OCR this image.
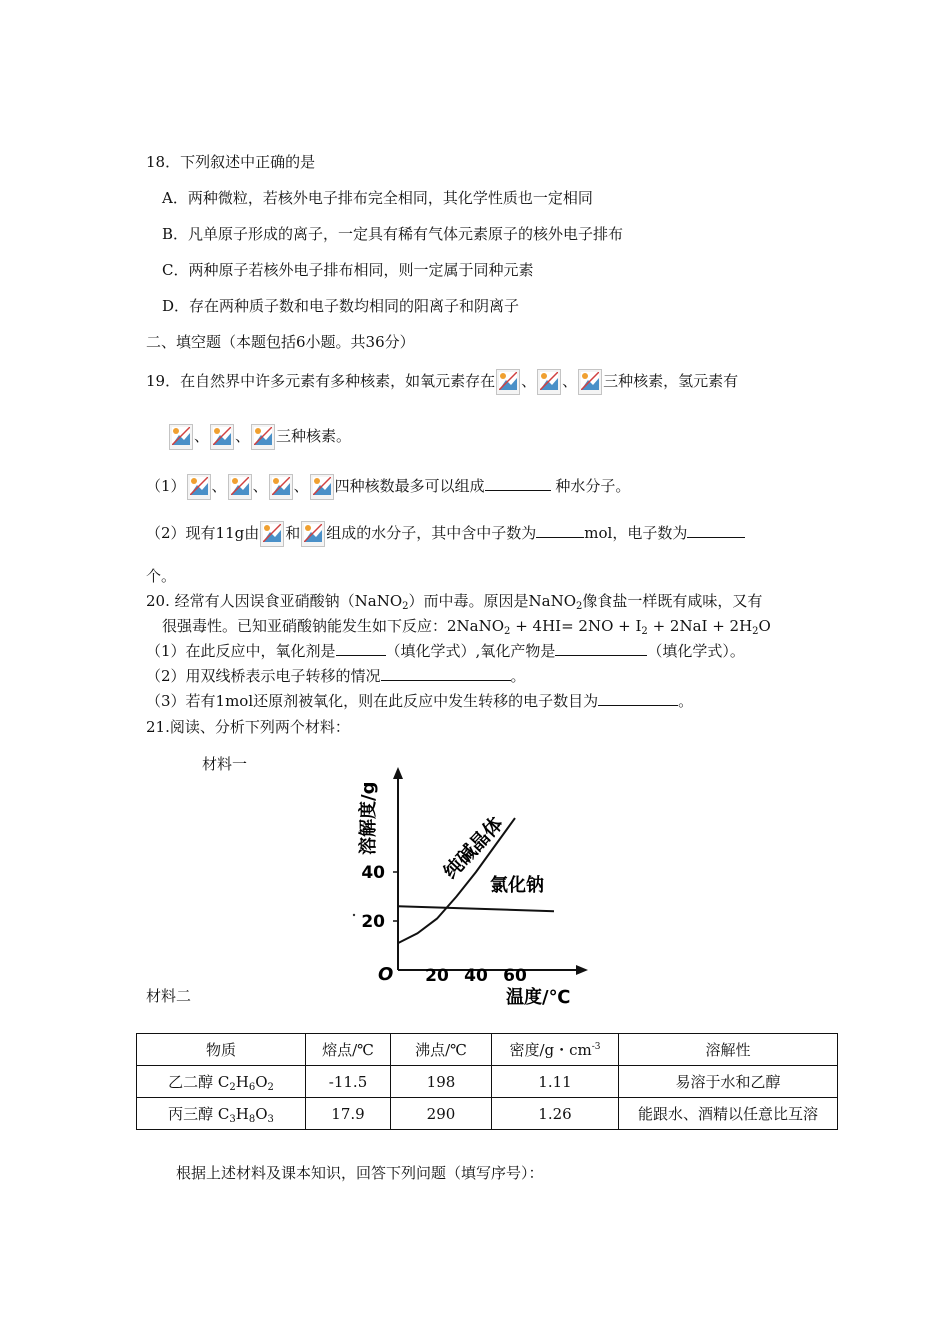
18．下列叙述中正确的是
A．两种微粒，若核外电子排布完全相同，其化学性质也一定相同
B．凡单原子形成的离子，一定具有稀有气体元素原子的核外电子排布
C．两种原子若核外电子排布相同，则一定属于同种元素
D．存在两种质子数和电子数均相同的阳离子和阴离子
二、填空题（本题包括6小题。共36分）
19．在自然界中许多元素有多种核素，如氧元素存在 、 、 三种核素，氢元素有
、 、 三种核素。
（1） 、 、 、 四种核数最多可以组成	种水分子。
（2）现有11g由 和 组成的水分子，其中含中子数为	mol，电子数为
个。
20. 经常有人因误食亚硝酸钠（NaNO$_2$）而中毒。原因是NaNO$_2$像食盐一样既有咸味，又有
很强毒性。已知亚硝酸钠能发生如下反应：2NaNO$_2$ + $4HI= 2NO + I_2 + 2NaI + 2H_2O$
（1）在此反应中，氧化剂是	（填化学式）,氧化产物是	（填化学式）。
（2）用双线桥表示电子转移的情况	。
（3）若有1mol还原剂被氧化，则在此反应中发生转移的电子数目为	。
21.阅读、分析下列两个材料：
材料一
溶解度/g
温度/℃
O 20 40 60
20
40	纯碱晶体
氯化钠
材料二
物质	熔点/℃	沸点/℃	密度/g・$cm^{-3}$	溶解性
乙二醇 $C_2H_6O_2$	-11.5	198	1.11	易溶于水和乙醇
丙三醇 $C_3H_8O_3$	17.9	290	1.26	能跟水、酒精以任意比互溶
根据上述材料及课本知识，回答下列问题（填写序号）：
